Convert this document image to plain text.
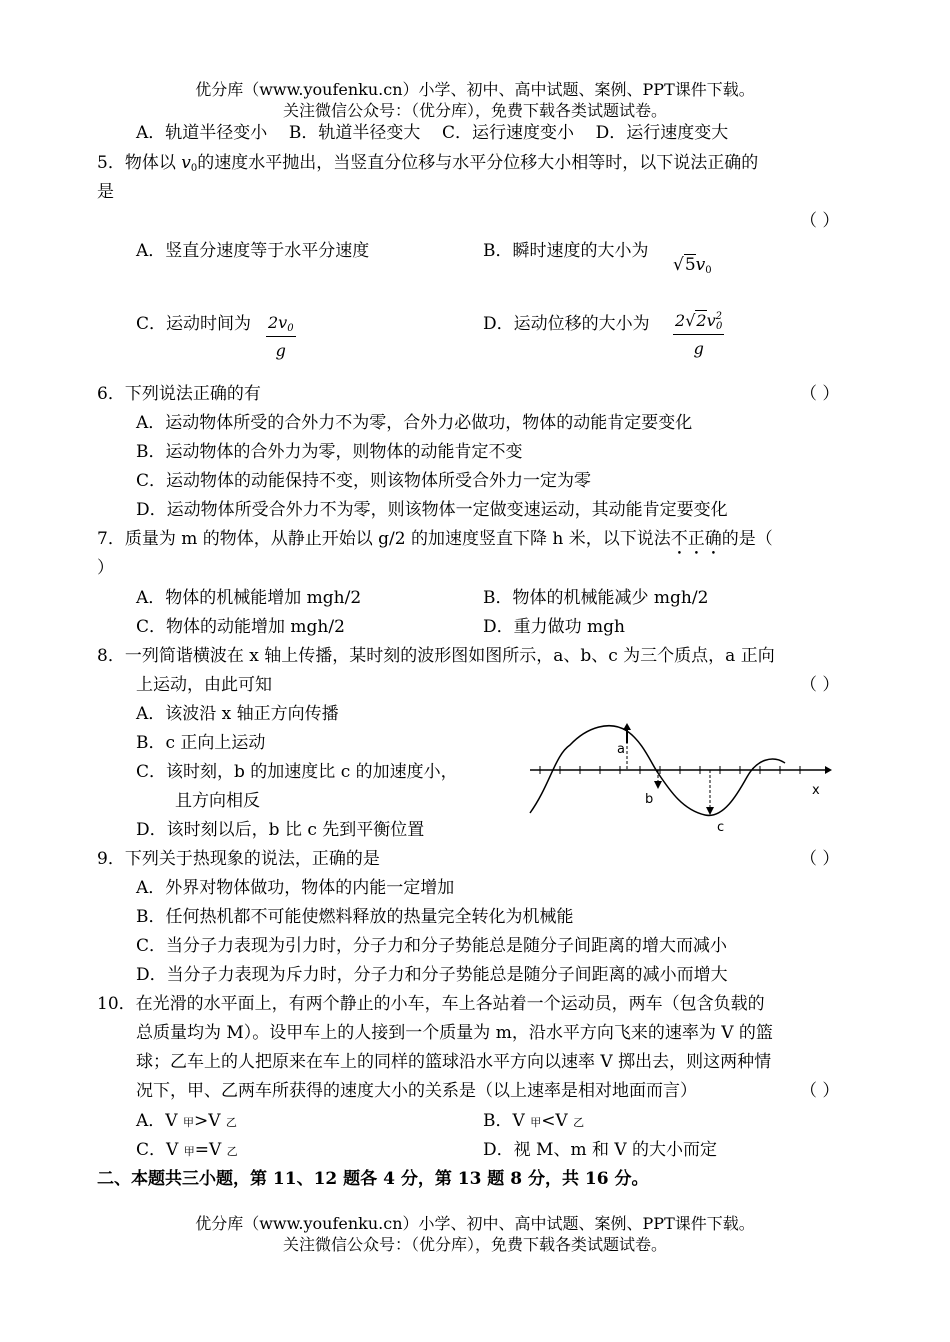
优分库（www.youfenku.cn）小学、初中、高中试题、案例、PPT课件下载。
关注微信公众号：（优分库），免费下载各类试题试卷。
A．轨道半径变小    B．轨道半径变大    C．运行速度变小    D．运行速度变大
5．物体以 $v_0$的速度水平抛出，当竖直分位移与水平分位移大小相等时，以下说法正确的
是
（ ）
A．竖直分速度等于水平分速度	B．瞬时速度的大小为
$√5v_0$
C．运动时间为 $\frac{2v_0}{g}$	D．运动位移的大小为 $\frac{2√2v^2_0}{g}$
6．下列说法正确的有	（ ）
A．运动物体所受的合外力不为零，合外力必做功，物体的动能肯定要变化
B．运动物体的合外力为零，则物体的动能肯定不变
C．运动物体的动能保持不变，则该物体所受合外力一定为零
D．运动物体所受合外力不为零，则该物体一定做变速运动，其动能肯定要变化
7．质量为 m 的物体，从静止开始以 g/2 的加速度竖直下降 h 米，以下说法不正确的是（
）
A．物体的机械能增加 mgh/2	B．物体的机械能减少 mgh/2
C．物体的动能增加 mgh/2	D．重力做功 mgh
8．一列简谐横波在 x 轴上传播，某时刻的波形图如图所示，a、b、c 为三个质点，a 正向
上运动，由此可知	（ ）
A．该波沿 x 轴正方向传播
B．c 正向上运动
C．该时刻，b 的加速度比 c 的加速度小，
且方向相反
D．该时刻以后，b 比 c 先到平衡位置
a
b
c
x
9．下列关于热现象的说法，正确的是	（ ）
A．外界对物体做功，物体的内能一定增加
B．任何热机都不可能使燃料释放的热量完全转化为机械能
C．当分子力表现为引力时，分子力和分子势能总是随分子间距离的增大而减小
D．当分子力表现为斥力时，分子力和分子势能总是随分子间距离的减小而增大
10．在光滑的水平面上，有两个静止的小车，车上各站着一个运动员，两车（包含负载的
总质量均为 M）。设甲车上的人接到一个质量为 m，沿水平方向飞来的速率为 V 的篮
球；乙车上的人把原来在车上的同样的篮球沿水平方向以速率 V 掷出去，则这两种情
况下，甲、乙两车所获得的速度大小的关系是（以上速率是相对地面而言）	（ ）
A．V 甲>V 乙	B．V 甲<V 乙
C．V 甲=V 乙	D．视 M、m 和 V 的大小而定
二、本题共三小题，第 11、12 题各 4 分，第 13 题 8 分，共 16 分。
优分库（www.youfenku.cn）小学、初中、高中试题、案例、PPT课件下载。
关注微信公众号：（优分库），免费下载各类试题试卷。
